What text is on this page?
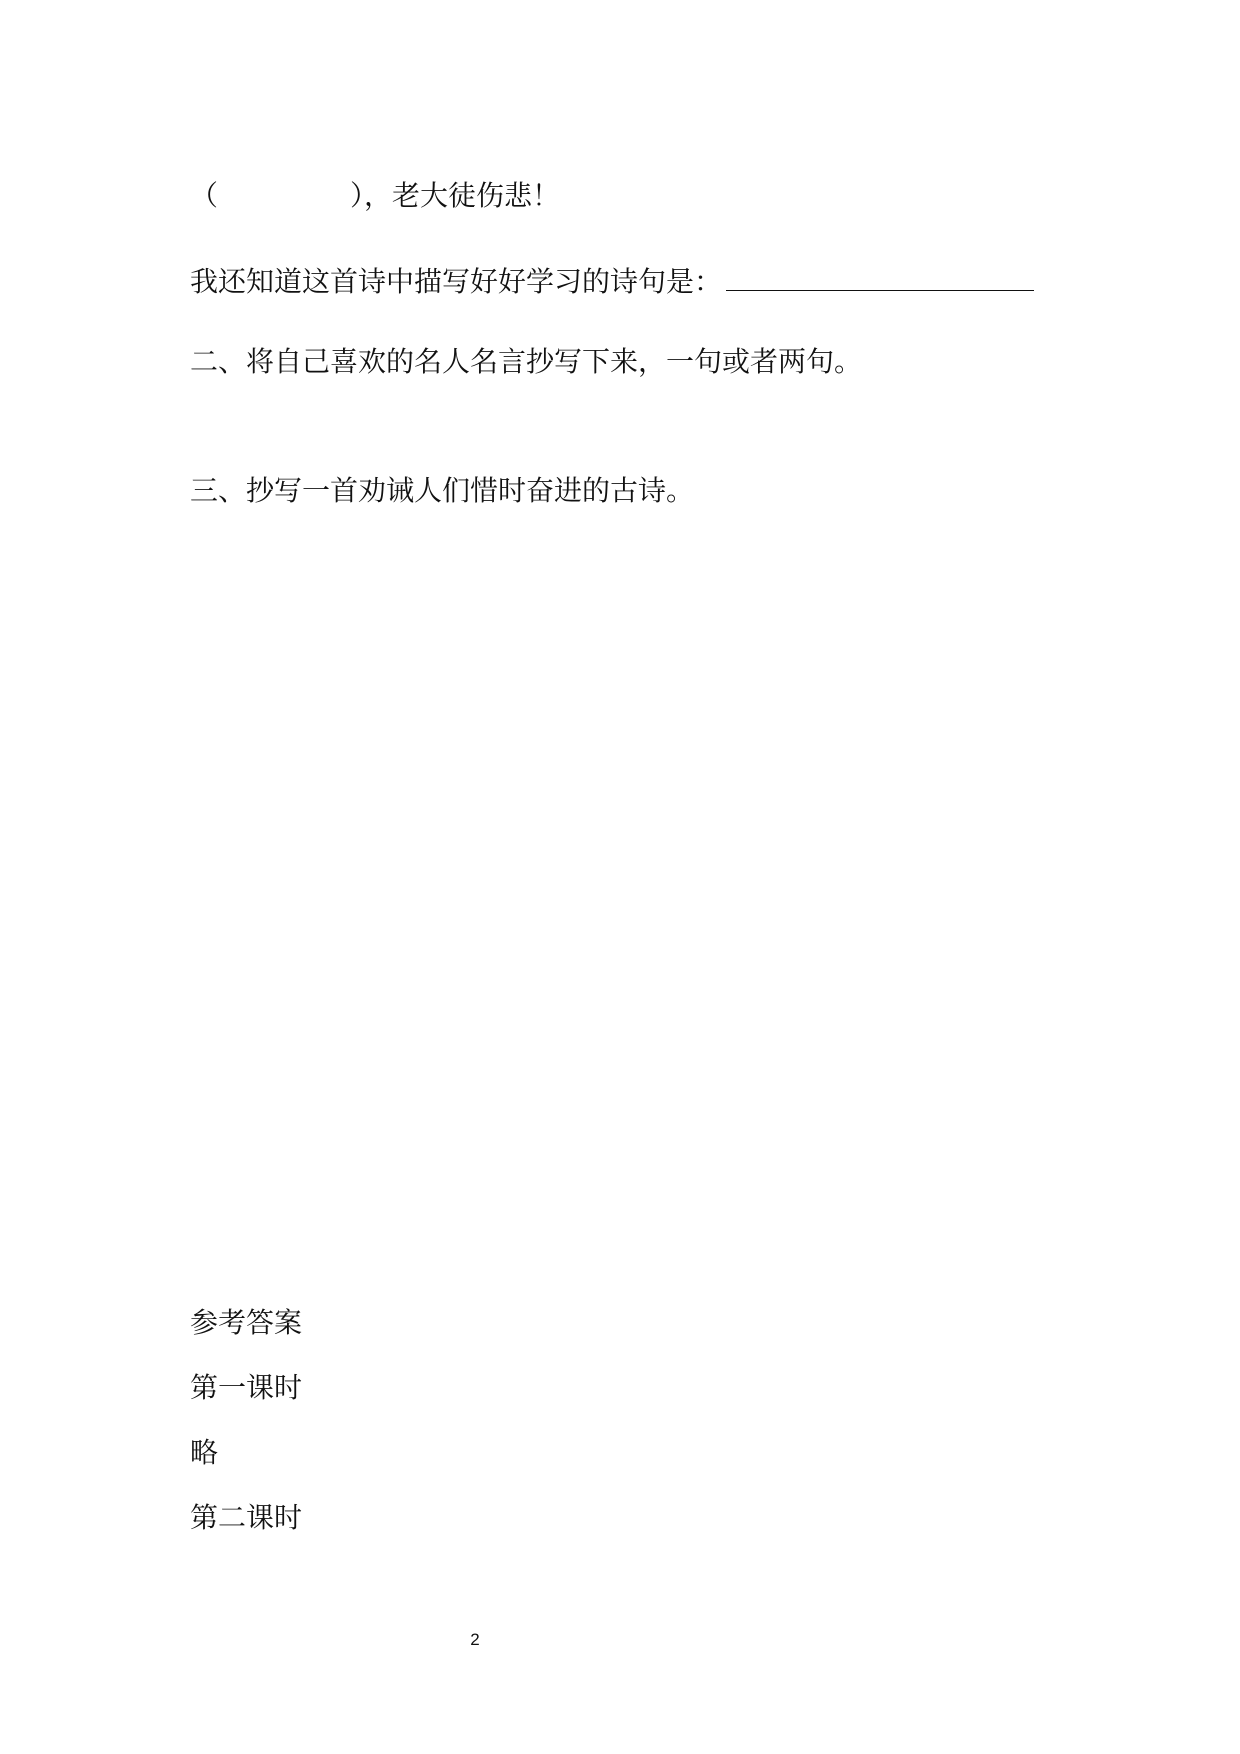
（	），老大徒伤悲！
我还知道这首诗中描写好好学习的诗句是：
二、将自己喜欢的名人名言抄写下来，一句或者两句。
三、抄写一首劝诫人们惜时奋进的古诗。
参考答案
第一课时
略
第二课时
2
